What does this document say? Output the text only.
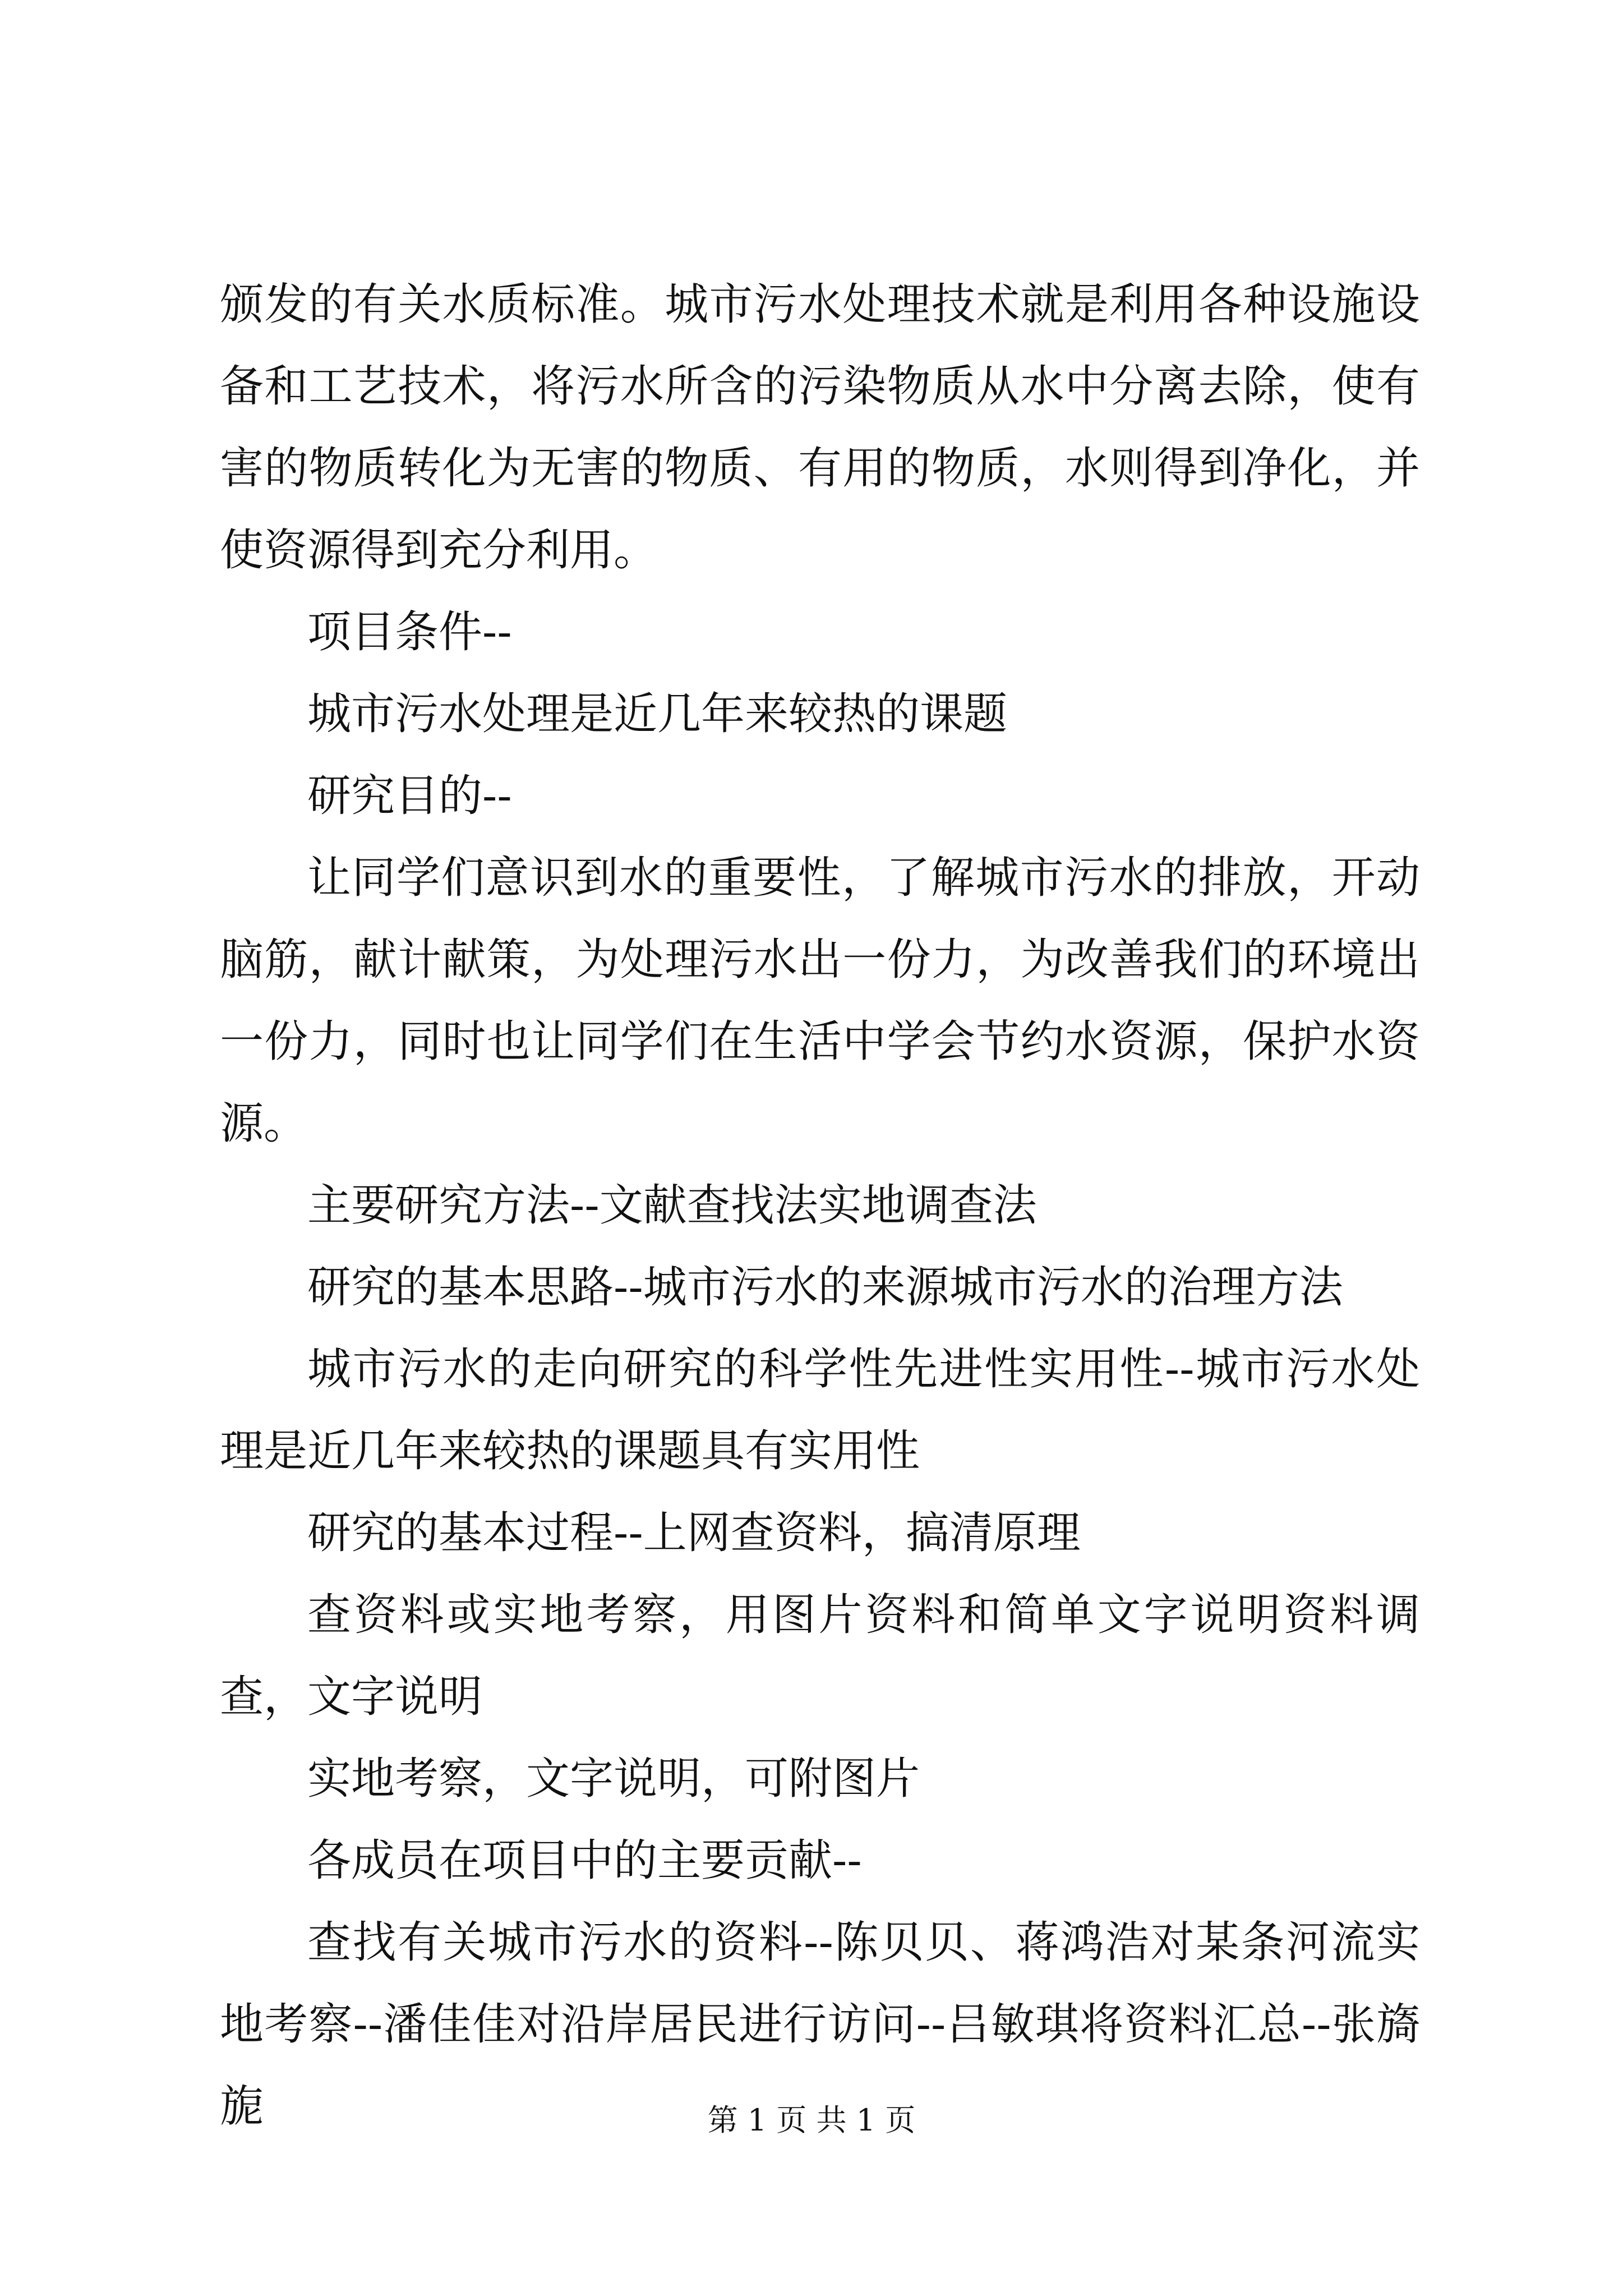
颁发的有关水质标准。城市污水处理技术就是利用各种设施设备和工艺技术，将污水所含的污染物质从水中分离去除，使有害的物质转化为无害的物质、有用的物质，水则得到净化，并使资源得到充分利用。

项目条件--

城市污水处理是近几年来较热的课题

研究目的--

让同学们意识到水的重要性，了解城市污水的排放，开动脑筋，献计献策，为处理污水出一份力，为改善我们的环境出一份力，同时也让同学们在生活中学会节约水资源，保护水资源。

主要研究方法--文献查找法实地调查法

研究的基本思路--城市污水的来源城市污水的治理方法

城市污水的走向研究的科学性先进性实用性--城市污水处理是近几年来较热的课题具有实用性

研究的基本过程--上网查资料，搞清原理

查资料或实地考察，用图片资料和简单文字说明资料调查，文字说明

实地考察，文字说明，可附图片

各成员在项目中的主要贡献--

查找有关城市污水的资料--陈贝贝、蒋鸿浩对某条河流实地考察--潘佳佳对沿岸居民进行访问--吕敏琪将资料汇总--张旖旎	第 1 页 共 1 页
